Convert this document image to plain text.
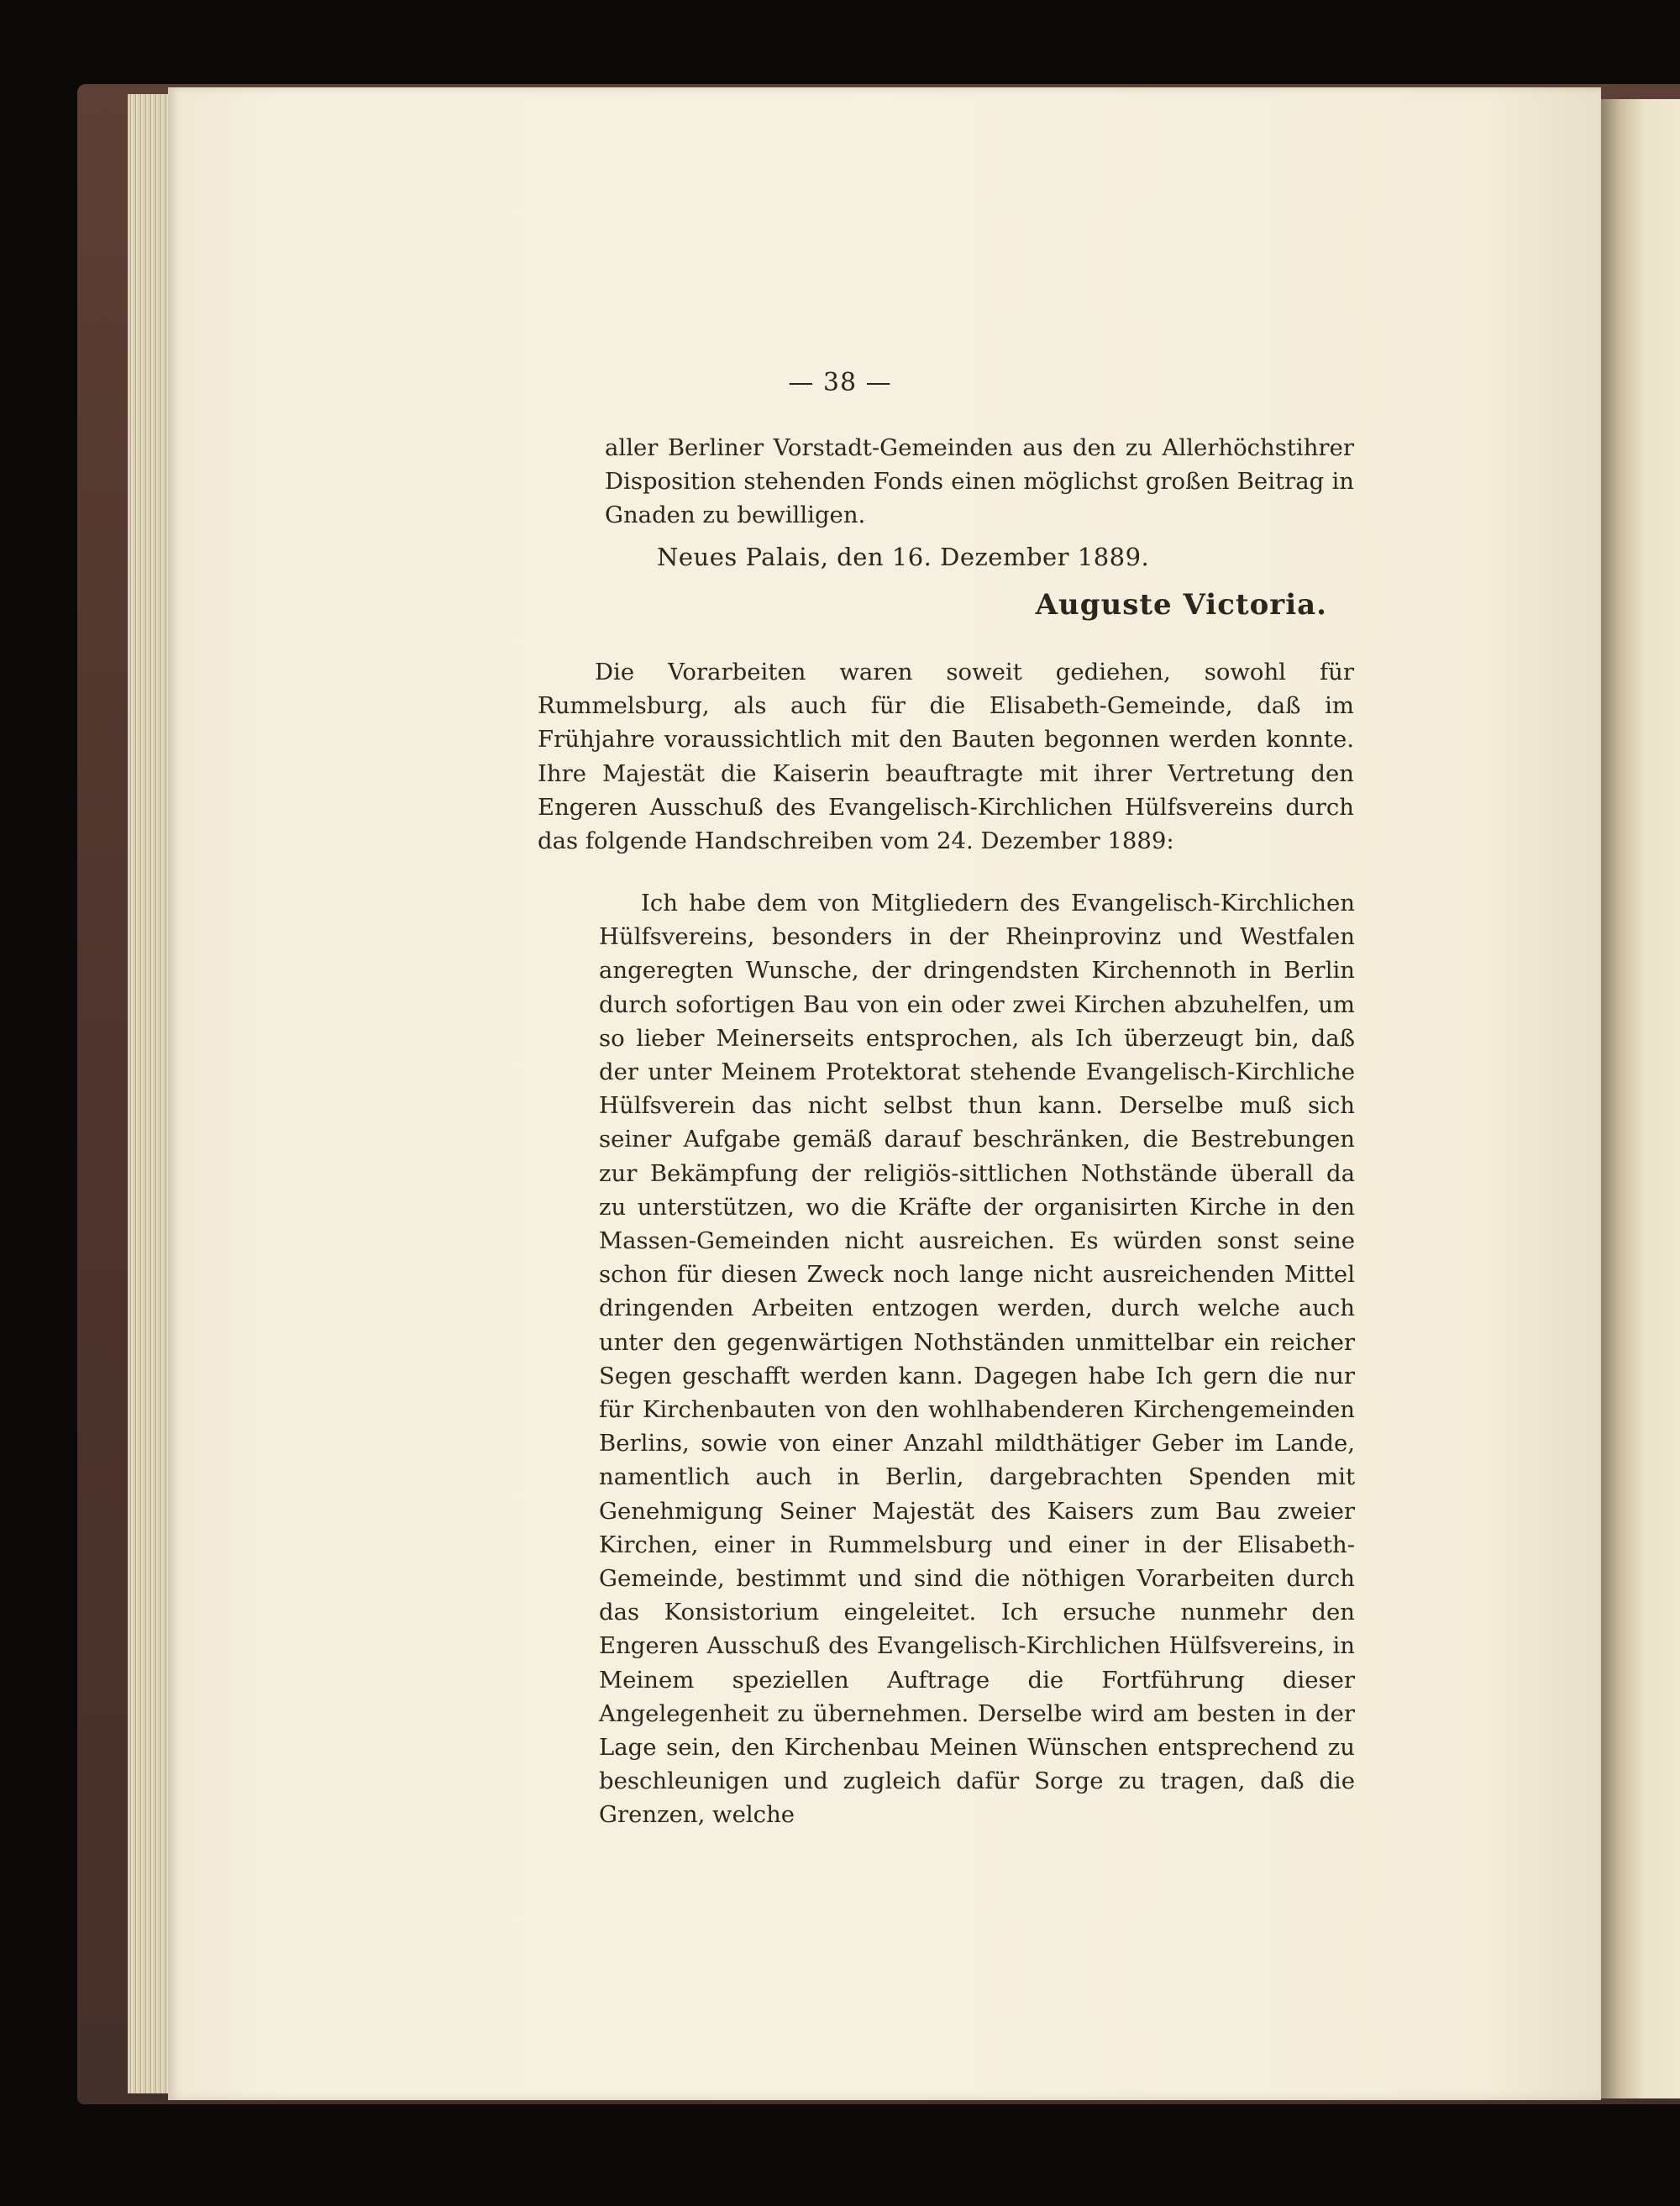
— 38 —

aller Berliner Vorstadt-Gemeinden aus den zu Allerhöchstihrer Disposition stehenden Fonds einen möglichst großen Beitrag in Gnaden zu bewilligen.

Neues Palais, den 16. Dezember 1889.

Auguste Victoria.

Die Vorarbeiten waren soweit gediehen, sowohl für Rummelsburg, als auch für die Elisabeth-Gemeinde, daß im Frühjahre voraussichtlich mit den Bauten begonnen werden konnte. Ihre Majestät die Kaiserin beauftragte mit ihrer Vertretung den Engeren Ausschuß des Evangelisch-Kirchlichen Hülfsvereins durch das folgende Handschreiben vom 24. Dezember 1889:

Ich habe dem von Mitgliedern des Evangelisch-Kirchlichen Hülfsvereins, besonders in der Rheinprovinz und Westfalen angeregten Wunsche, der dringendsten Kirchennoth in Berlin durch sofortigen Bau von ein oder zwei Kirchen abzuhelfen, um so lieber Meinerseits entsprochen, als Ich überzeugt bin, daß der unter Meinem Protektorat stehende Evangelisch-Kirchliche Hülfsverein das nicht selbst thun kann. Derselbe muß sich seiner Aufgabe gemäß darauf beschränken, die Bestrebungen zur Bekämpfung der religiös-sittlichen Nothstände überall da zu unterstützen, wo die Kräfte der organisirten Kirche in den Massen-Gemeinden nicht ausreichen. Es würden sonst seine schon für diesen Zweck noch lange nicht ausreichenden Mittel dringenden Arbeiten entzogen werden, durch welche auch unter den gegenwärtigen Nothständen unmittelbar ein reicher Segen geschafft werden kann. Dagegen habe Ich gern die nur für Kirchenbauten von den wohlhabenderen Kirchengemeinden Berlins, sowie von einer Anzahl mildthätiger Geber im Lande, namentlich auch in Berlin, dargebrachten Spenden mit Genehmigung Seiner Majestät des Kaisers zum Bau zweier Kirchen, einer in Rummelsburg und einer in der Elisabeth-Gemeinde, bestimmt und sind die nöthigen Vorarbeiten durch das Konsistorium eingeleitet. Ich ersuche nunmehr den Engeren Ausschuß des Evangelisch-Kirchlichen Hülfsvereins, in Meinem speziellen Auftrage die Fortführung dieser Angelegenheit zu übernehmen. Derselbe wird am besten in der Lage sein, den Kirchenbau Meinen Wünschen entsprechend zu beschleunigen und zugleich dafür Sorge zu tragen, daß die Grenzen, welche
